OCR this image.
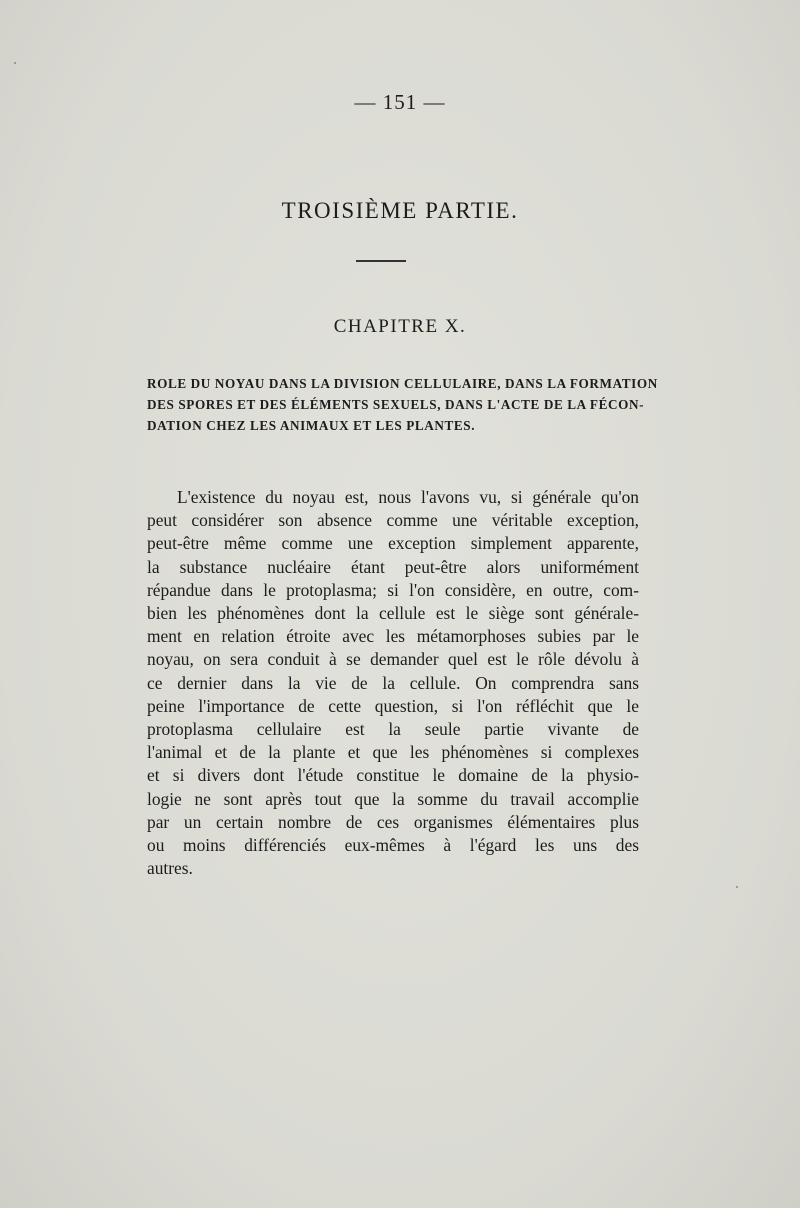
— 151 —
TROISIÈME PARTIE.
CHAPITRE X.
ROLE DU NOYAU DANS LA DIVISION CELLULAIRE, DANS LA FORMATION
DES SPORES ET DES ÉLÉMENTS SEXUELS, DANS L'ACTE DE LA FÉCON-
DATION CHEZ LES ANIMAUX ET LES PLANTES.
L'existence du noyau est, nous l'avons vu, si générale qu'on
peut considérer son absence comme une véritable exception,
peut-être même comme une exception simplement apparente,
la substance nucléaire étant peut-être alors uniformément
répandue dans le protoplasma; si l'on considère, en outre, com-
bien les phénomènes dont la cellule est le siège sont générale-
ment en relation étroite avec les métamorphoses subies par le
noyau, on sera conduit à se demander quel est le rôle dévolu à
ce dernier dans la vie de la cellule. On comprendra sans
peine l'importance de cette question, si l'on réfléchit que le
protoplasma cellulaire est la seule partie vivante de
l'animal et de la plante et que les phénomènes si complexes
et si divers dont l'étude constitue le domaine de la physio-
logie ne sont après tout que la somme du travail accomplie
par un certain nombre de ces organismes élémentaires plus
ou moins différenciés eux-mêmes à l'égard les uns des
autres.
